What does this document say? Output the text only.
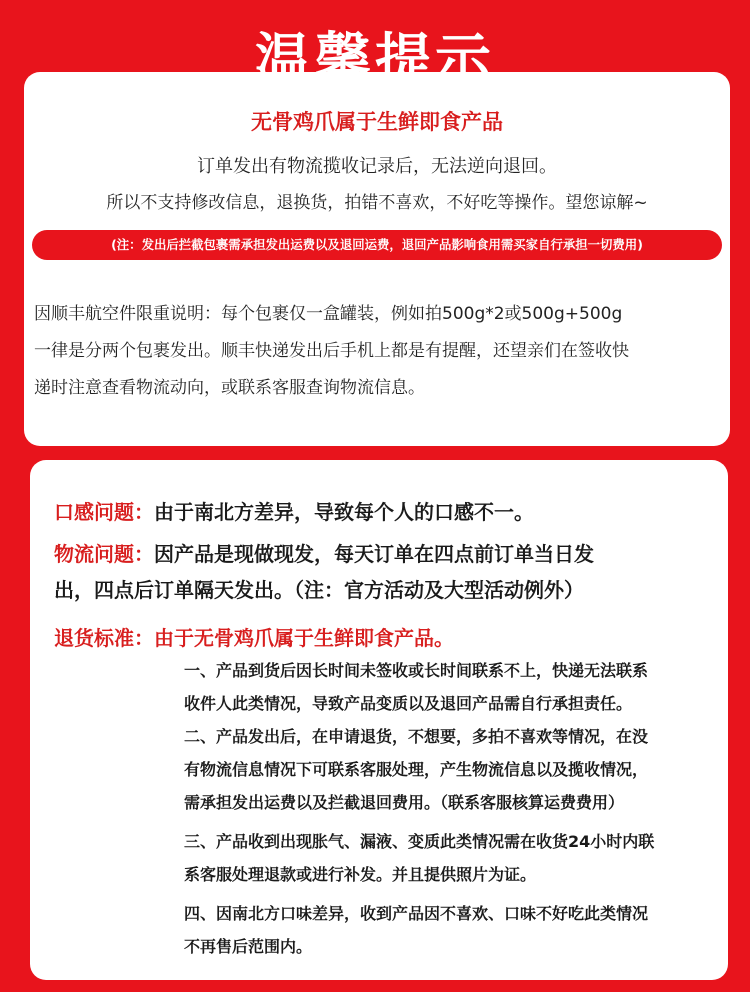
温馨提示
无骨鸡爪属于生鲜即食产品
订单发出有物流揽收记录后，无法逆向退回。
所以不支持修改信息，退换货，拍错不喜欢，不好吃等操作。望您谅解~
(注：发出后拦截包裹需承担发出运费以及退回运费，退回产品影响食用需买家自行承担一切费用)
因顺丰航空件限重说明：每个包裹仅一盒罐装，例如拍500g*2或500g+500g
一律是分两个包裹发出。顺丰快递发出后手机上都是有提醒，还望亲们在签收快
递时注意查看物流动向，或联系客服查询物流信息。
口感问题：由于南北方差异，导致每个人的口感不一。
物流问题：因产品是现做现发，每天订单在四点前订单当日发
出，四点后订单隔天发出。（注：官方活动及大型活动例外）
退货标准：由于无骨鸡爪属于生鲜即食产品。
一、产品到货后因长时间未签收或长时间联系不上，快递无法联系
收件人此类情况，导致产品变质以及退回产品需自行承担责任。
二、产品发出后，在申请退货，不想要，多拍不喜欢等情况，在没
有物流信息情况下可联系客服处理，产生物流信息以及揽收情况，
需承担发出运费以及拦截退回费用。（联系客服核算运费费用）
三、产品收到出现胀气、漏液、变质此类情况需在收货24小时内联
系客服处理退款或进行补发。并且提供照片为证。
四、因南北方口味差异，收到产品因不喜欢、口味不好吃此类情况
不再售后范围内。
